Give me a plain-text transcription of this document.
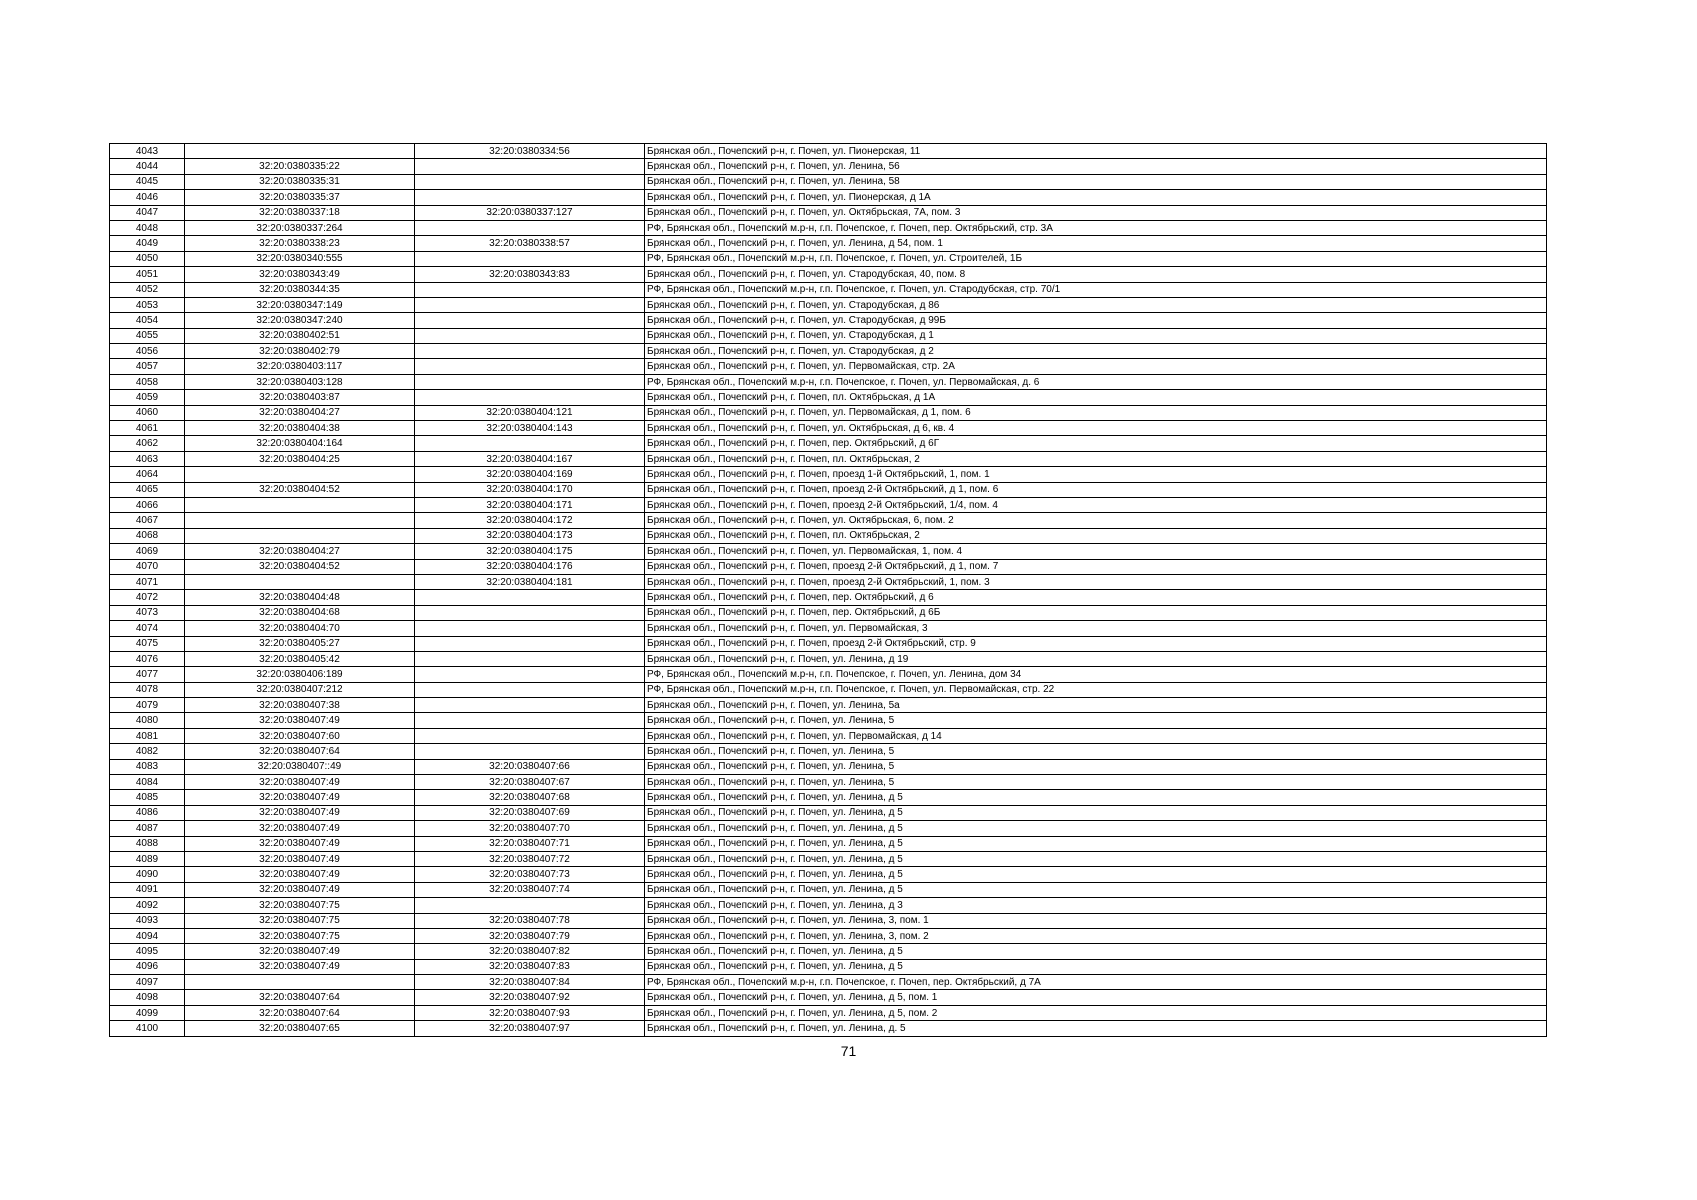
4043		32:20:0380334:56	Брянская обл., Почепский р-н, г. Почеп, ул. Пионерская, 11
4044	32:20:0380335:22		Брянская обл., Почепский р-н, г. Почеп, ул. Ленина, 56
4045	32:20:0380335:31		Брянская обл., Почепский р-н, г. Почеп, ул. Ленина, 58
4046	32:20:0380335:37		Брянская обл., Почепский р-н, г. Почеп, ул. Пионерская, д 1А
4047	32:20:0380337:18	32:20:0380337:127	Брянская обл., Почепский р-н, г. Почеп, ул. Октябрьская, 7А, пом. 3
4048	32:20:0380337:264		РФ, Брянская обл., Почепский м.р-н, г.п. Почепское, г. Почеп, пер. Октябрьский, стр. 3А
4049	32:20:0380338:23	32:20:0380338:57	Брянская обл., Почепский р-н, г. Почеп, ул. Ленина, д 54, пом. 1
4050	32:20:0380340:555		РФ, Брянская обл., Почепский м.р-н, г.п. Почепское, г. Почеп, ул. Строителей, 1Б
4051	32:20:0380343:49	32:20:0380343:83	Брянская обл., Почепский р-н, г. Почеп, ул. Стародубская, 40, пом. 8
4052	32:20:0380344:35		РФ, Брянская обл., Почепский м.р-н, г.п. Почепское, г. Почеп, ул. Стародубская, стр. 70/1
4053	32:20:0380347:149		Брянская обл., Почепский р-н, г. Почеп, ул. Стародубская, д 86
4054	32:20:0380347:240		Брянская обл., Почепский р-н, г. Почеп, ул. Стародубская, д 99Б
4055	32:20:0380402:51		Брянская обл., Почепский р-н, г. Почеп, ул. Стародубская, д 1
4056	32:20:0380402:79		Брянская обл., Почепский р-н, г. Почеп, ул. Стародубская, д 2
4057	32:20:0380403:117		Брянская обл., Почепский р-н, г. Почеп, ул. Первомайская, стр. 2А
4058	32:20:0380403:128		РФ, Брянская обл., Почепский м.р-н, г.п. Почепское, г. Почеп, ул. Первомайская, д. 6
4059	32:20:0380403:87		Брянская обл., Почепский р-н, г. Почеп, пл. Октябрьская, д 1А
4060	32:20:0380404:27	32:20:0380404:121	Брянская обл., Почепский р-н, г. Почеп, ул. Первомайская, д 1, пом. 6
4061	32:20:0380404:38	32:20:0380404:143	Брянская обл., Почепский р-н, г. Почеп, ул. Октябрьская, д 6, кв. 4
4062	32:20:0380404:164		Брянская обл., Почепский р-н, г. Почеп, пер. Октябрьский, д 6Г
4063	32:20:0380404:25	32:20:0380404:167	Брянская обл., Почепский р-н, г. Почеп, пл. Октябрьская, 2
4064		32:20:0380404:169	Брянская обл., Почепский р-н, г. Почеп, проезд 1-й Октябрьский, 1, пом. 1
4065	32:20:0380404:52	32:20:0380404:170	Брянская обл., Почепский р-н, г. Почеп, проезд 2-й Октябрьский, д 1, пом. 6
4066		32:20:0380404:171	Брянская обл., Почепский р-н, г. Почеп, проезд 2-й Октябрьский, 1/4, пом. 4
4067		32:20:0380404:172	Брянская обл., Почепский р-н, г. Почеп, ул. Октябрьская, 6, пом. 2
4068		32:20:0380404:173	Брянская обл., Почепский р-н, г. Почеп, пл. Октябрьская, 2
4069	32:20:0380404:27	32:20:0380404:175	Брянская обл., Почепский р-н, г. Почеп, ул. Первомайская, 1, пом. 4
4070	32:20:0380404:52	32:20:0380404:176	Брянская обл., Почепский р-н, г. Почеп, проезд 2-й Октябрьский, д 1, пом. 7
4071		32:20:0380404:181	Брянская обл., Почепский р-н, г. Почеп, проезд 2-й Октябрьский, 1, пом. 3
4072	32:20:0380404:48		Брянская обл., Почепский р-н, г. Почеп, пер. Октябрьский, д 6
4073	32:20:0380404:68		Брянская обл., Почепский р-н, г. Почеп, пер. Октябрьский, д 6Б
4074	32:20:0380404:70		Брянская обл., Почепский р-н, г. Почеп, ул. Первомайская, 3
4075	32:20:0380405:27		Брянская обл., Почепский р-н, г. Почеп, проезд 2-й Октябрьский, стр. 9
4076	32:20:0380405:42		Брянская обл., Почепский р-н, г. Почеп, ул. Ленина, д 19
4077	32:20:0380406:189		РФ, Брянская обл., Почепский м.р-н, г.п. Почепское, г. Почеп, ул. Ленина, дом 34
4078	32:20:0380407:212		РФ, Брянская обл., Почепский м.р-н, г.п. Почепское, г. Почеп, ул. Первомайская, стр. 22
4079	32:20:0380407:38		Брянская обл., Почепский р-н, г. Почеп, ул. Ленина, 5а
4080	32:20:0380407:49		Брянская обл., Почепский р-н, г. Почеп, ул. Ленина, 5
4081	32:20:0380407:60		Брянская обл., Почепский р-н, г. Почеп, ул. Первомайская, д 14
4082	32:20:0380407:64		Брянская обл., Почепский р-н, г. Почеп, ул. Ленина, 5
4083	32:20:0380407::49	32:20:0380407:66	Брянская обл., Почепский р-н, г. Почеп, ул. Ленина, 5
4084	32:20:0380407:49	32:20:0380407:67	Брянская обл., Почепский р-н, г. Почеп, ул. Ленина, 5
4085	32:20:0380407:49	32:20:0380407:68	Брянская обл., Почепский р-н, г. Почеп, ул. Ленина, д 5
4086	32:20:0380407:49	32:20:0380407:69	Брянская обл., Почепский р-н, г. Почеп, ул. Ленина, д 5
4087	32:20:0380407:49	32:20:0380407:70	Брянская обл., Почепский р-н, г. Почеп, ул. Ленина, д 5
4088	32:20:0380407:49	32:20:0380407:71	Брянская обл., Почепский р-н, г. Почеп, ул. Ленина, д 5
4089	32:20:0380407:49	32:20:0380407:72	Брянская обл., Почепский р-н, г. Почеп, ул. Ленина, д 5
4090	32:20:0380407:49	32:20:0380407:73	Брянская обл., Почепский р-н, г. Почеп, ул. Ленина, д 5
4091	32:20:0380407:49	32:20:0380407:74	Брянская обл., Почепский р-н, г. Почеп, ул. Ленина, д 5
4092	32:20:0380407:75		Брянская обл., Почепский р-н, г. Почеп, ул. Ленина, д 3
4093	32:20:0380407:75	32:20:0380407:78	Брянская обл., Почепский р-н, г. Почеп, ул. Ленина, 3, пом. 1
4094	32:20:0380407:75	32:20:0380407:79	Брянская обл., Почепский р-н, г. Почеп, ул. Ленина, 3, пом. 2
4095	32:20:0380407:49	32:20:0380407:82	Брянская обл., Почепский р-н, г. Почеп, ул. Ленина, д 5
4096	32:20:0380407:49	32:20:0380407:83	Брянская обл., Почепский р-н, г. Почеп, ул. Ленина, д 5
4097		32:20:0380407:84	РФ, Брянская обл., Почепский м.р-н, г.п. Почепское, г. Почеп, пер. Октябрьский, д 7А
4098	32:20:0380407:64	32:20:0380407:92	Брянская обл., Почепский р-н, г. Почеп, ул. Ленина, д 5, пом. 1
4099	32:20:0380407:64	32:20:0380407:93	Брянская обл., Почепский р-н, г. Почеп, ул. Ленина, д 5, пом. 2
4100	32:20:0380407:65	32:20:0380407:97	Брянская обл., Почепский р-н, г. Почеп, ул. Ленина, д. 5
71
